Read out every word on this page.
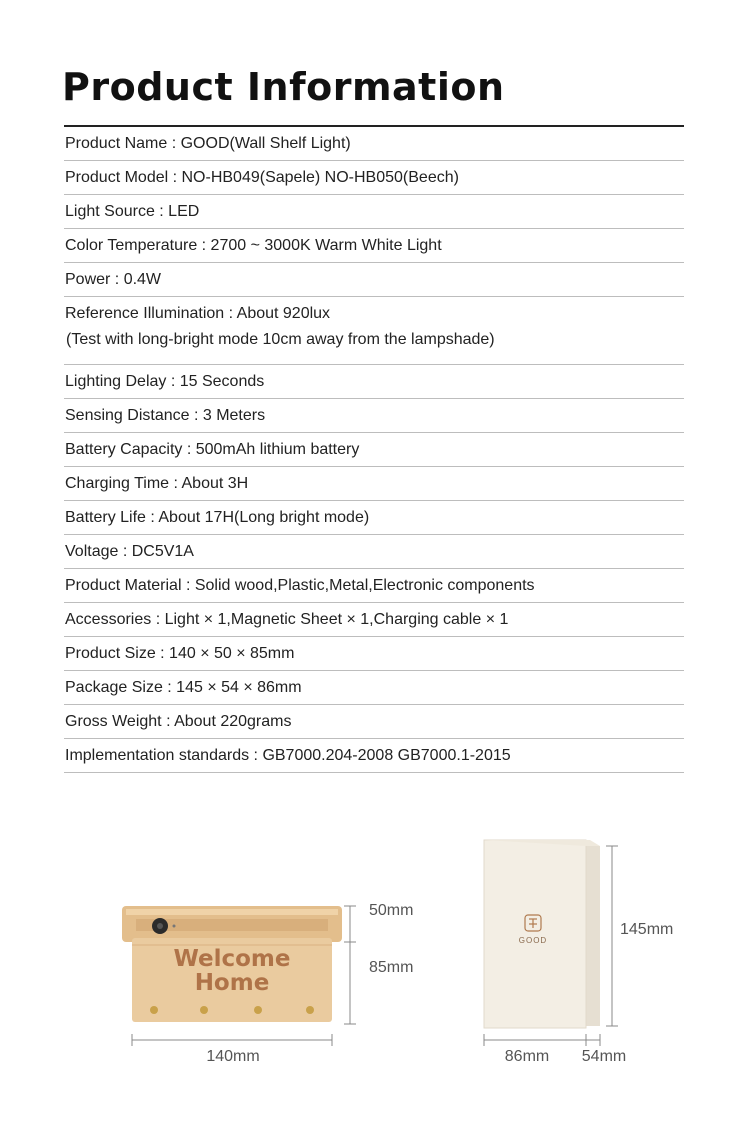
Product Information
Product Name : GOOD(Wall Shelf Light)
Product Model : NO-HB049(Sapele) NO-HB050(Beech)
Light Source : LED
Color Temperature : 2700 ~ 3000K Warm White Light
Power : 0.4W
Reference Illumination : About 920lux
(Test with long-bright mode 10cm away from the lampshade)
Lighting Delay : 15 Seconds
Sensing Distance : 3 Meters
Battery Capacity : 500mAh lithium battery
Charging Time : About 3H
Battery Life : About 17H(Long bright mode)
Voltage : DC5V1A
Product Material : Solid wood,Plastic,Metal,Electronic components
Accessories : Light × 1,Magnetic Sheet × 1,Charging cable × 1
Product Size : 140 × 50 × 85mm
Package Size : 145 × 54 × 86mm
Gross Weight : About 220grams
Implementation standards : GB7000.204-2008 GB7000.1-2015
Welcome
Home
50mm
85mm
140mm
GOOD
145mm
86mm 54mm
